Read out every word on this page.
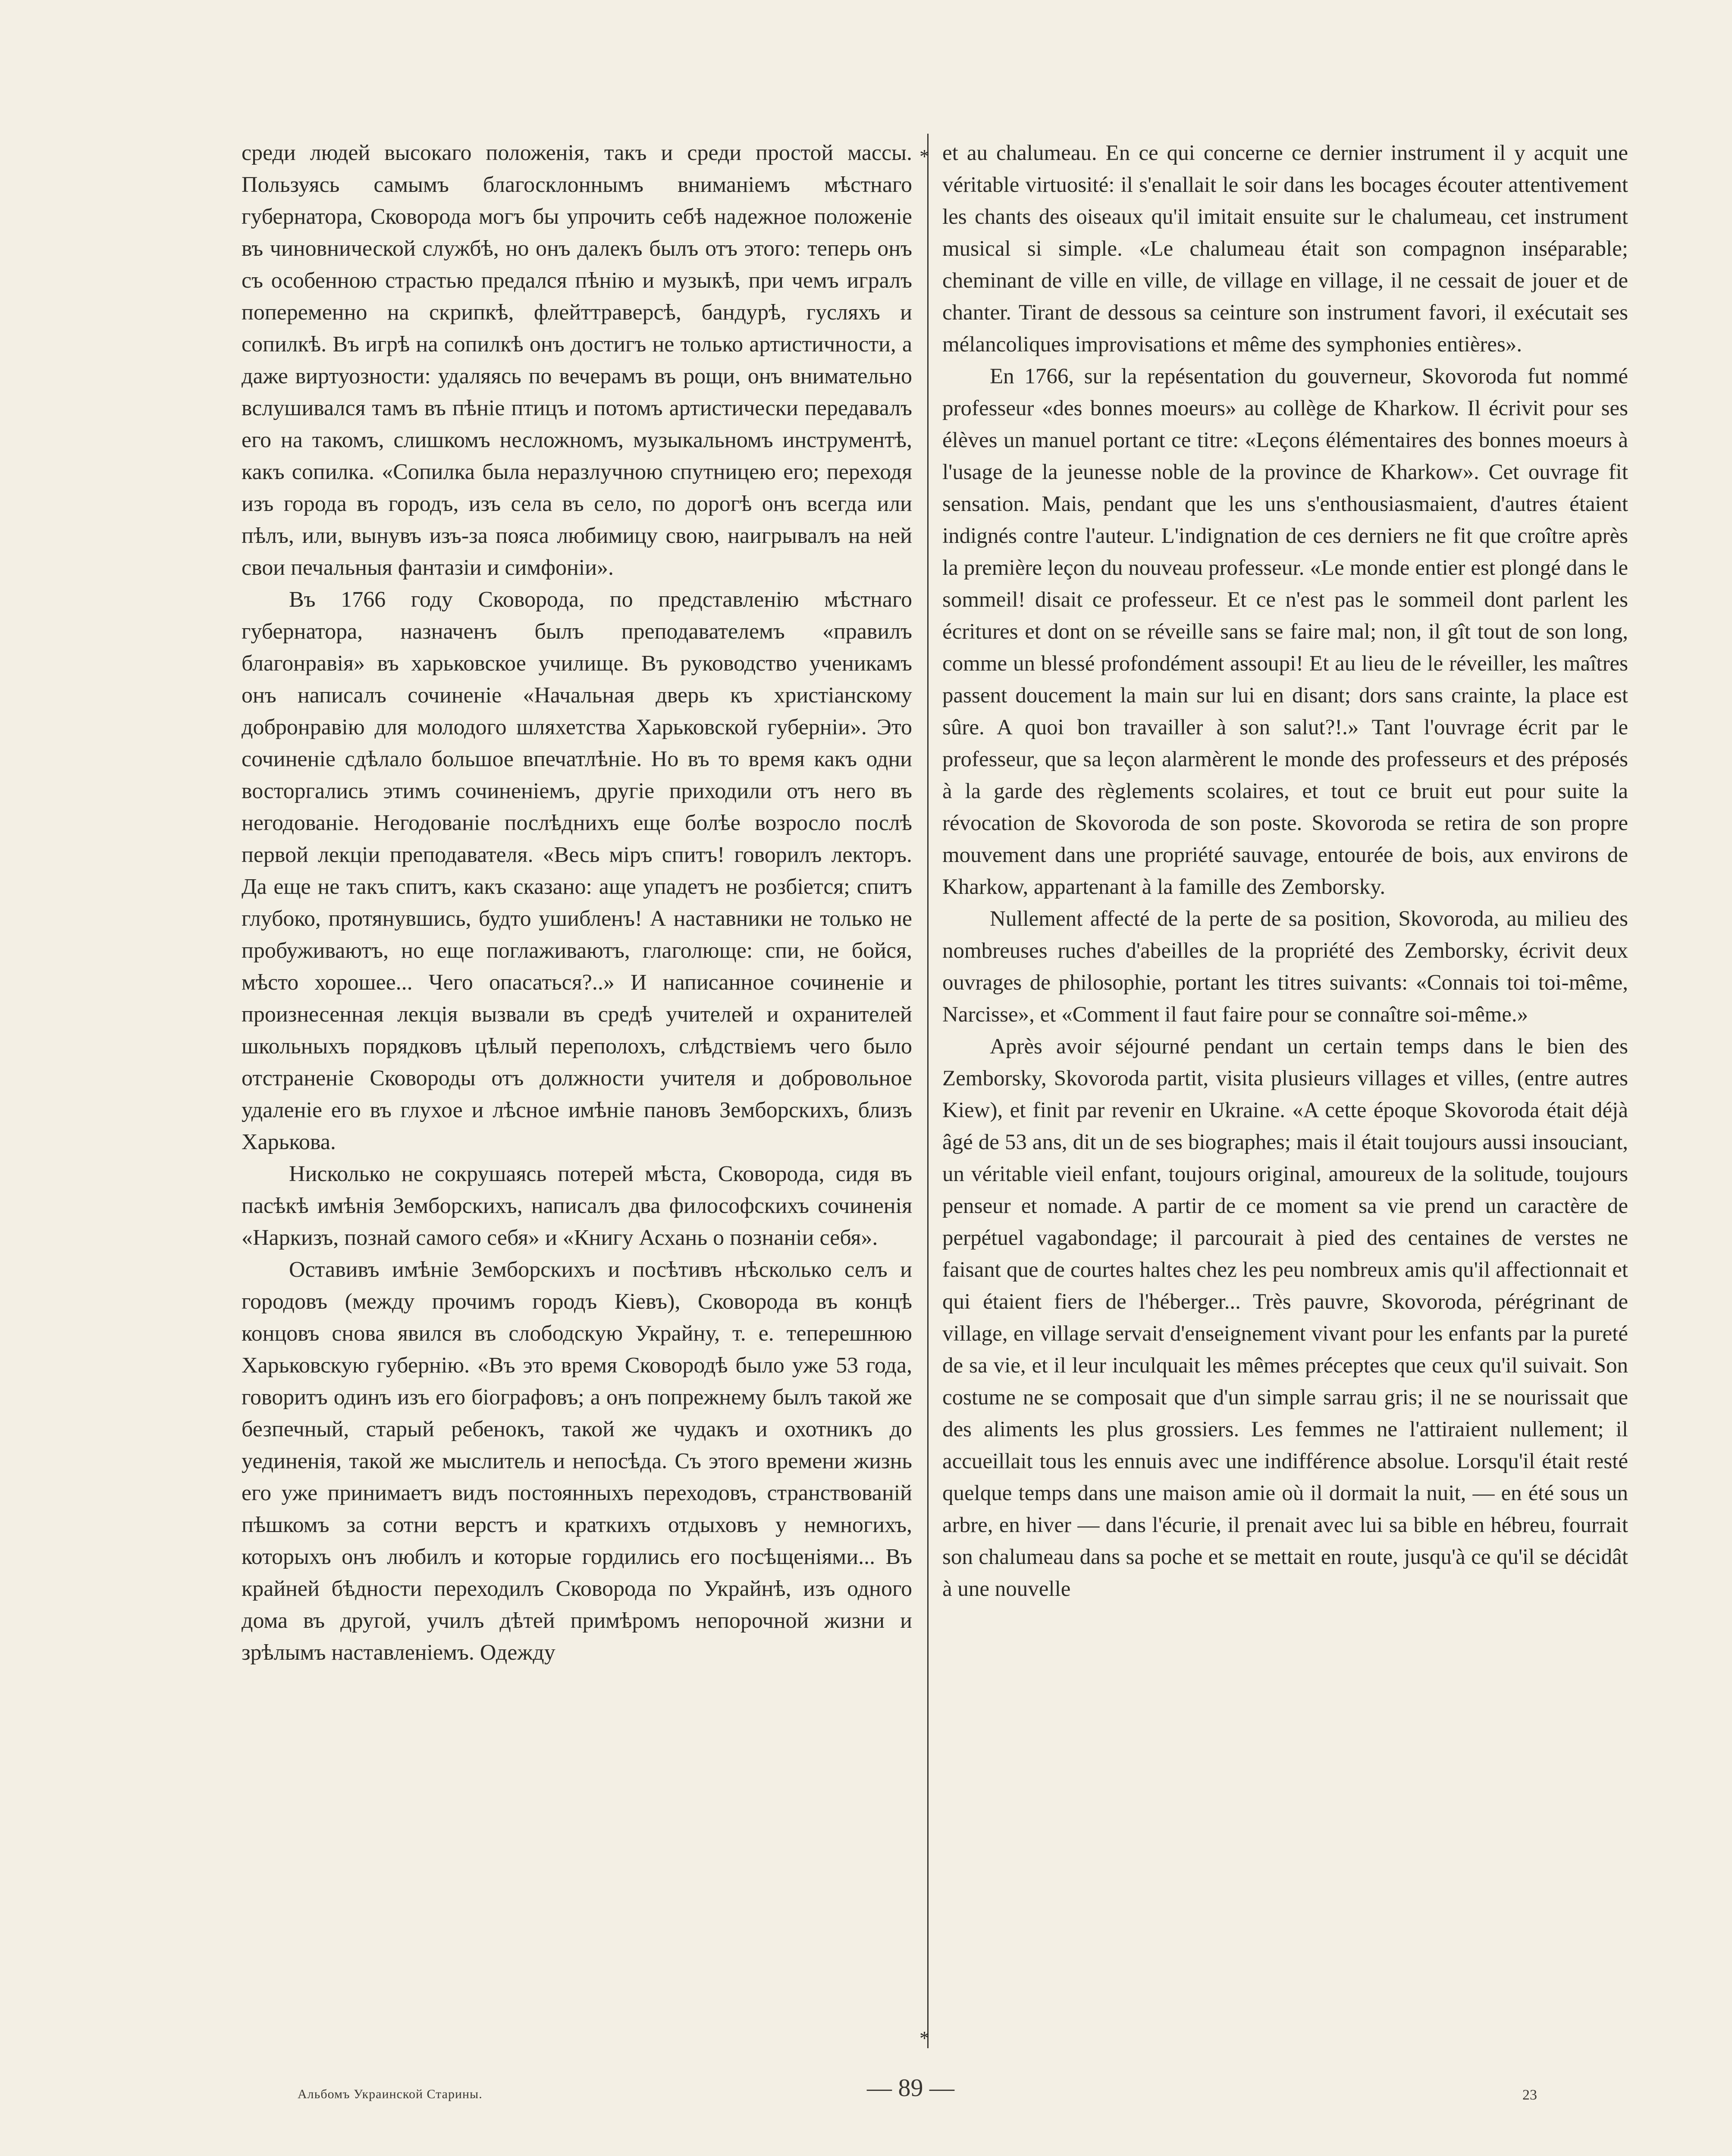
среди людей высокаго положенія, такъ и среди простой массы. Пользуясь самымъ благосклоннымъ вниманіемъ мѣстнаго губернатора, Сковорода могъ бы упрочить себѣ надежное положеніе въ чиновнической службѣ, но онъ далекъ былъ отъ этого: теперь онъ съ особенною страстью предался пѣнію и музыкѣ, при чемъ игралъ попеременно на скрипкѣ, флейттраверсѣ, бандурѣ, гусляхъ и сопилкѣ. Въ игрѣ на сопилкѣ онъ достигъ не только артистичности, а даже виртуозности: удаляясь по вечерамъ въ рощи, онъ внимательно вслушивался тамъ въ пѣніе птицъ и потомъ артистически передавалъ его на такомъ, слишкомъ несложномъ, музыкальномъ инструментѣ, какъ сопилка. «Сопилка была неразлучною спутницею его; переходя изъ города въ городъ, изъ села въ село, по дорогѣ онъ всегда или пѣлъ, или, вынувъ изъ-за пояса любимицу свою, наигрывалъ на ней свои печальныя фантазіи и симфоніи».

Въ 1766 году Сковорода, по представленію мѣстнаго губернатора, назначенъ былъ преподавателемъ «правилъ благонравія» въ харьковское училище. Въ руководство ученикамъ онъ написалъ сочиненіе «Начальная дверь къ христіанскому добронравію для молодого шляхетства Харьковской губерніи». Это сочиненіе сдѣлало большое впечатлѣніе. Но въ то время какъ одни восторгались этимъ сочиненіемъ, другіе приходили отъ него въ негодованіе. Негодованіе послѣднихъ еще болѣе возросло послѣ первой лекціи преподавателя. «Весь міръ спитъ! говорилъ лекторъ. Да еще не такъ спитъ, какъ сказано: аще упадетъ не розбіется; спитъ глубоко, протянувшись, будто ушибленъ! А наставники не только не пробуживаютъ, но еще поглаживаютъ, глаголюще: спи, не бойся, мѣсто хорошее... Чего опасаться?..» И написанное сочиненіе и произнесенная лекція вызвали въ средѣ учителей и охранителей школьныхъ порядковъ цѣлый переполохъ, слѣдствіемъ чего было отстраненіе Сковороды отъ должности учителя и добровольное удаленіе его въ глухое и лѣсное имѣніе пановъ Земборскихъ, близъ Харькова.

Нисколько не сокрушаясь потерей мѣста, Сковорода, сидя въ пасѣкѣ имѣнія Земборскихъ, написалъ два философскихъ сочиненія «Наркизъ, познай самого себя» и «Книгу Асхань о познаніи себя».

Оставивъ имѣніе Земборскихъ и посѣтивъ нѣсколько селъ и городовъ (между прочимъ городъ Кіевъ), Сковорода въ концѣ концовъ снова явился въ слободскую Украйну, т. е. теперешнюю Харьковскую губернію. «Въ это время Сковородѣ было уже 53 года, говоритъ одинъ изъ его біографовъ; а онъ попрежнему былъ такой же безпечный, старый ребенокъ, такой же чудакъ и охотникъ до уединенія, такой же мыслитель и непосѣда. Съ этого времени жизнь его уже принимаетъ видъ постоянныхъ переходовъ, странствованій пѣшкомъ за сотни верстъ и краткихъ отдыховъ у немногихъ, которыхъ онъ любилъ и которые гордились его посѣщеніями... Въ крайней бѣдности переходилъ Сковорода по Украйнѣ, изъ одного дома въ другой, училъ дѣтей примѣромъ непорочной жизни и зрѣлымъ наставленіемъ. Одежду

*
*

et au chalumeau. En ce qui concerne ce dernier instrument il y acquit une véritable virtuosité: il s'enallait le soir dans les bocages écouter attentivement les chants des oiseaux qu'il imitait ensuite sur le chalumeau, cet instrument musical si simple. «Le chalumeau était son compagnon inséparable; cheminant de ville en ville, de village en village, il ne cessait de jouer et de chanter. Tirant de dessous sa ceinture son instrument favori, il exécutait ses mélancoliques improvisations et même des symphonies entières».

En 1766, sur la repésentation du gouverneur, Skovoroda fut nommé professeur «des bonnes moeurs» au collège de Kharkow. Il écrivit pour ses élèves un manuel portant ce titre: «Leçons élémentaires des bonnes moeurs à l'usage de la jeunesse noble de la province de Kharkow». Cet ouvrage fit sensation. Mais, pendant que les uns s'enthousiasmaient, d'autres étaient indignés contre l'auteur. L'indignation de ces derniers ne fit que croître après la première leçon du nouveau professeur. «Le monde entier est plongé dans le sommeil! disait ce professeur. Et ce n'est pas le sommeil dont parlent les écritures et dont on se réveille sans se faire mal; non, il gît tout de son long, comme un blessé profondément assoupi! Et au lieu de le réveiller, les maîtres passent doucement la main sur lui en disant; dors sans crainte, la place est sûre. A quoi bon travailler à son salut?!.» Tant l'ouvrage écrit par le professeur, que sa leçon alarmèrent le monde des professeurs et des préposés à la garde des règlements scolaires, et tout ce bruit eut pour suite la révocation de Skovoroda de son poste. Skovoroda se retira de son propre mouvement dans une propriété sauvage, entourée de bois, aux environs de Kharkow, appartenant à la famille des Zemborsky.

Nullement affecté de la perte de sa position, Skovoroda, au milieu des nombreuses ruches d'abeilles de la propriété des Zemborsky, écrivit deux ouvrages de philosophie, portant les titres suivants: «Connais toi toi-même, Narcisse», et «Comment il faut faire pour se connaître soi-même.»

Après avoir séjourné pendant un certain temps dans le bien des Zemborsky, Skovoroda partit, visita plusieurs villages et villes, (entre autres Kiew), et finit par revenir en Ukraine. «A cette époque Skovoroda était déjà âgé de 53 ans, dit un de ses biographes; mais il était toujours aussi insouciant, un véritable vieil enfant, toujours original, amoureux de la solitude, toujours penseur et nomade. A partir de ce moment sa vie prend un caractère de perpétuel vagabondage; il parcourait à pied des centaines de verstes ne faisant que de courtes haltes chez les peu nombreux amis qu'il affectionnait et qui étaient fiers de l'héberger... Très pauvre, Skovoroda, pérégrinant de village, en village servait d'enseignement vivant pour les enfants par la pureté de sa vie, et il leur inculquait les mêmes préceptes que ceux qu'il suivait. Son costume ne se composait que d'un simple sarrau gris; il ne se nourissait que des aliments les plus grossiers. Les femmes ne l'attiraient nullement; il accueillait tous les ennuis avec une indifférence absolue. Lorsqu'il était resté quelque temps dans une maison amie où il dormait la nuit, — en été sous un arbre, en hiver — dans l'écurie, il prenait avec lui sa bible en hébreu, fourrait son chalumeau dans sa poche et se mettait en route, jusqu'à ce qu'il se décidât à une nouvelle

Альбомъ Украинской Старины.	— 89 —	23
